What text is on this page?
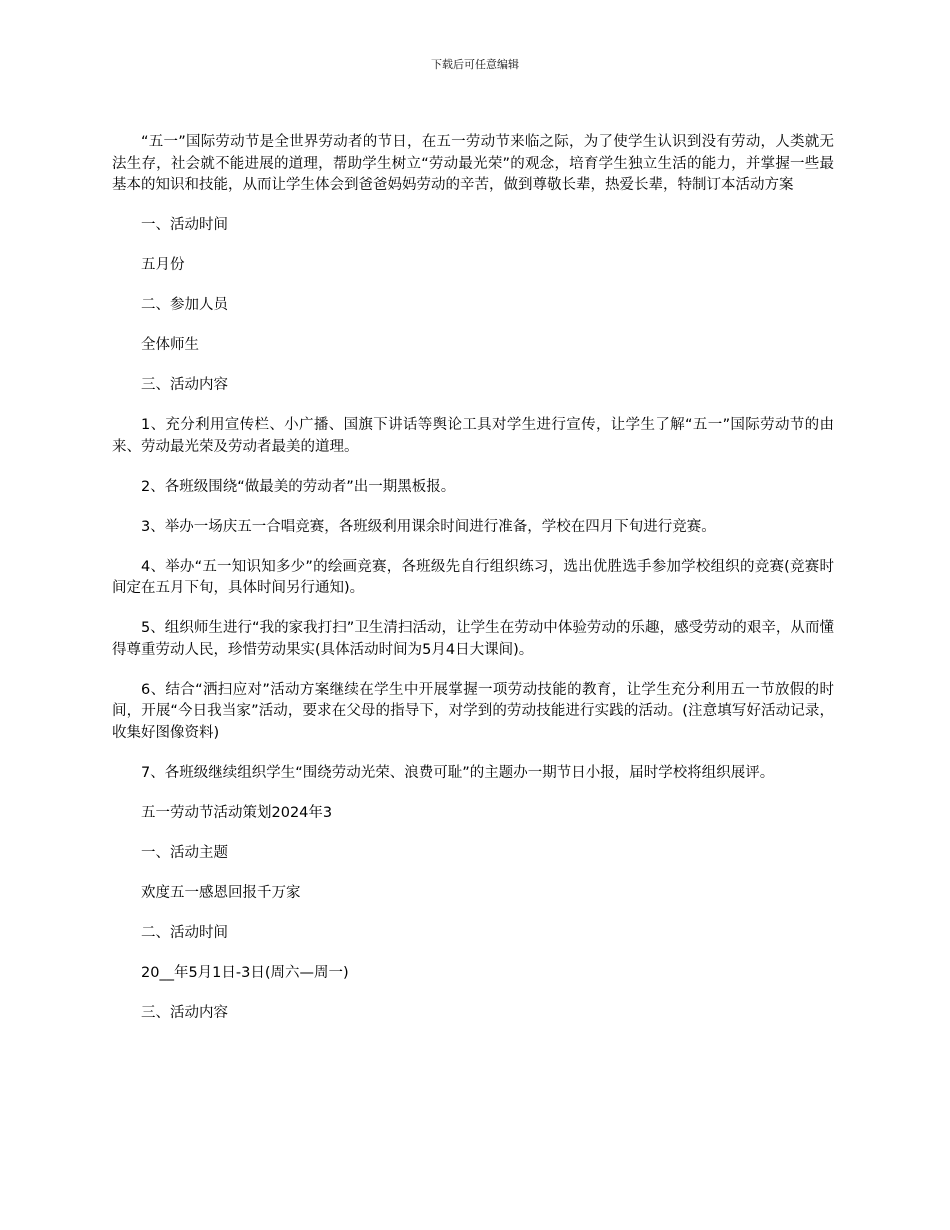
下载后可任意编辑

“五一”国际劳动节是全世界劳动者的节日，在五一劳动节来临之际，为了使学生认识到没有劳动，人类就无法生存，社会就不能进展的道理，帮助学生树立“劳动最光荣”的观念，培育学生独立生活的能力，并掌握一些最基本的知识和技能，从而让学生体会到爸爸妈妈劳动的辛苦，做到尊敬长辈，热爱长辈，特制订本活动方案

一、活动时间

五月份

二、参加人员

全体师生

三、活动内容

1、充分利用宣传栏、小广播、国旗下讲话等舆论工具对学生进行宣传，让学生了解“五一”国际劳动节的由来、劳动最光荣及劳动者最美的道理。

2、各班级围绕“做最美的劳动者”出一期黑板报。

3、举办一场庆五一合唱竞赛，各班级利用课余时间进行准备，学校在四月下旬进行竞赛。

4、举办“五一知识知多少”的绘画竞赛，各班级先自行组织练习，选出优胜选手参加学校组织的竞赛(竞赛时间定在五月下旬，具体时间另行通知)。

5、组织师生进行“我的家我打扫”卫生清扫活动，让学生在劳动中体验劳动的乐趣，感受劳动的艰辛，从而懂得尊重劳动人民，珍惜劳动果实(具体活动时间为5月4日大课间)。

6、结合“洒扫应对”活动方案继续在学生中开展掌握一项劳动技能的教育，让学生充分利用五一节放假的时间，开展“今日我当家”活动，要求在父母的指导下，对学到的劳动技能进行实践的活动。(注意填写好活动记录，收集好图像资料)

7、各班级继续组织学生“围绕劳动光荣、浪费可耻”的主题办一期节日小报，届时学校将组织展评。

五一劳动节活动策划2024年3

一、活动主题

欢度五一感恩回报千万家

二、活动时间

20__年5月1日-3日(周六—周一)

三、活动内容
